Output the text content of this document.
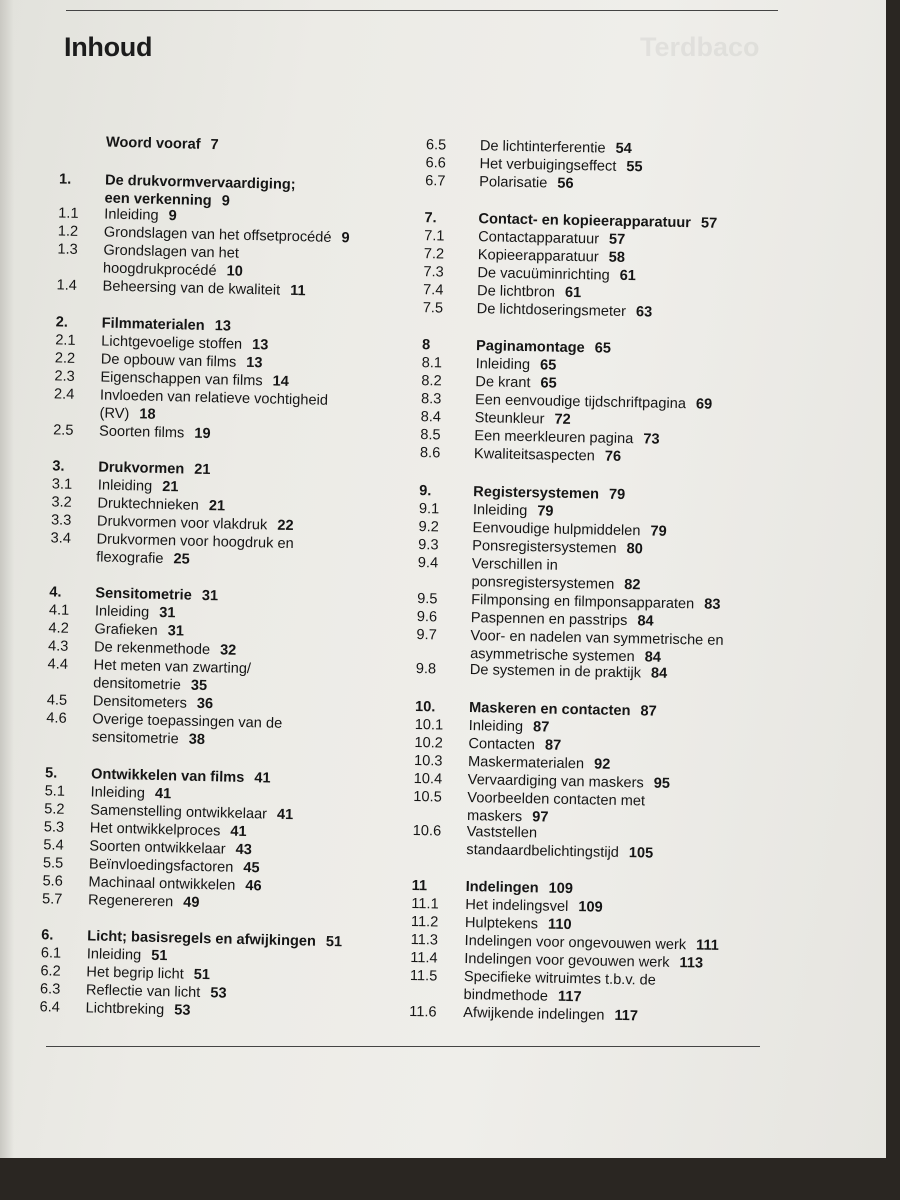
Inhoud	Terdbaco
Woord vooraf 7
1. De drukvormvervaardiging;
een verkenning 9
1.1 Inleiding 9
1.2 Grondslagen van het offsetprocédé 9
1.3 Grondslagen van het
hoogdrukprocédé 10
1.4 Beheersing van de kwaliteit 11
2. Filmmaterialen 13
2.1 Lichtgevoelige stoffen 13
2.2 De opbouw van films 13
2.3 Eigenschappen van films 14
2.4 Invloeden van relatieve vochtigheid
(RV) 18
2.5 Soorten films 19
3. Drukvormen 21
3.1 Inleiding 21
3.2 Druktechnieken 21
3.3 Drukvormen voor vlakdruk 22
3.4 Drukvormen voor hoogdruk en
flexografie 25
4. Sensitometrie 31
4.1 Inleiding 31
4.2 Grafieken 31
4.3 De rekenmethode 32
4.4 Het meten van zwarting/
densitometrie 35
4.5 Densitometers 36
4.6 Overige toepassingen van de
sensitometrie 38
5. Ontwikkelen van films 41
5.1 Inleiding 41
5.2 Samenstelling ontwikkelaar 41
5.3 Het ontwikkelproces 41
5.4 Soorten ontwikkelaar 43
5.5 Beïnvloedingsfactoren 45
5.6 Machinaal ontwikkelen 46
5.7 Regenereren 49
6. Licht; basisregels en afwijkingen 51
6.1 Inleiding 51
6.2 Het begrip licht 51
6.3 Reflectie van licht 53
6.4 Lichtbreking 53
6.5 De lichtinterferentie 54
6.6 Het verbuigingseffect 55
6.7 Polarisatie 56
7.	Contact- en kopieerapparatuur 57
7.1 Contactapparatuur 57
7.2 Kopieerapparatuur 58
7.3 De vacuüminrichting 61
7.4 De lichtbron 61
7.5 De lichtdoseringsmeter 63
8	Paginamontage 65
8.1 Inleiding 65
8.2 De krant 65
8.3 Een eenvoudige tijdschriftpagina 69
8.4 Steunkleur 72
8.5 Een meerkleuren pagina 73
8.6 Kwaliteitsaspecten 76
9.	Registersystemen 79
9.1 Inleiding 79
9.2 Eenvoudige hulpmiddelen 79
9.3 Ponsregistersystemen 80
9.4 Verschillen in
ponsregistersystemen 82
9.5 Filmponsing en filmponsapparaten 83
9.6 Paspennen en passtrips 84
9.7 Voor- en nadelen van symmetrische en
asymmetrische systemen 84
9.8 De systemen in de praktijk 84
10. Maskeren en contacten 87
10.1 Inleiding 87
10.2 Contacten 87
10.3 Maskermaterialen 92
10.4 Vervaardiging van maskers 95
10.5 Voorbeelden contacten met
maskers 97
10.6 Vaststellen
standaardbelichtingstijd 105
11	Indelingen 109
11.1 Het indelingsvel 109
11.2 Hulptekens 110
11.3 Indelingen voor ongevouwen werk 111
11.4 Indelingen voor gevouwen werk 113
11.5 Specifieke witruimtes t.b.v. de
bindmethode 117
11.6 Afwijkende indelingen 117
